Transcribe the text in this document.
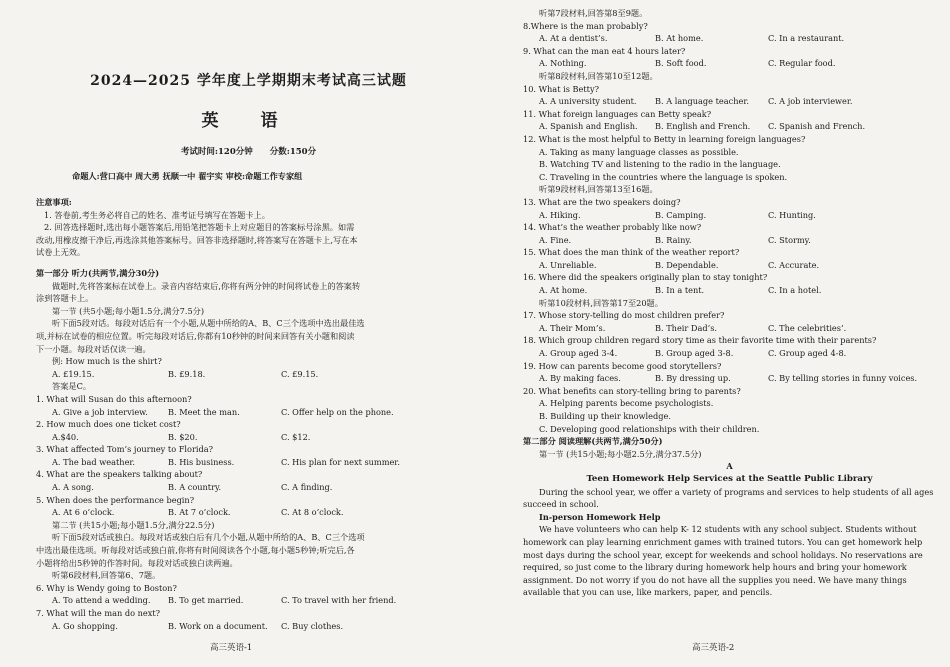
2024—2025 学年度上学期期末考试高三试题
英 语
考试时间:120分钟 分数:150分
命题人:营口高中 周大勇 抚顺一中 翟宇实 审校:命题工作专家组
注意事项:
1. 答卷前,考生务必将自己的姓名、准考证号填写在答题卡上。
2. 回答选择题时,选出每小题答案后,用铅笔把答题卡上对应题目的答案标号涂黑。如需
改动,用橡皮擦干净后,再选涂其他答案标号。回答非选择题时,将答案写在答题卡上,写在本
试卷上无效。
第一部分 听力(共两节,满分30分)
做题时,先将答案标在试卷上。录音内容结束后,你将有两分钟的时间将试卷上的答案转
涂到答题卡上。
第一节 (共5小题;每小题1.5分,满分7.5分)
听下面5段对话。每段对话后有一个小题,从题中所给的A、B、C三个选项中选出最佳选
项,并标在试卷的相应位置。听完每段对话后,你都有10秒钟的时间来回答有关小题和阅读
下一小题。每段对话仅读一遍。
例: How much is the shirt?
A. £19.15.	B. £9.18.	C. £9.15.
答案是C。
1. What will Susan do this afternoon?
A. Give a job interview.	B. Meet the man.	C. Offer help on the phone.
2. How much does one ticket cost?
A.$40.	B. $20.	C. $12.
3. What affected Tom’s journey to Florida?
A. The bad weather.	B. His business.	C. His plan for next summer.
4. What are the speakers talking about?
A. A song.	B. A country.	C. A finding.
5. When does the performance begin?
A. At 6 o’clock.	B. At 7 o’clock.	C. At 8 o’clock.
第二节 (共15小题;每小题1.5分,满分22.5分)
听下面5段对话或独白。每段对话或独白后有几个小题,从题中所给的A、B、C三个选项
中选出最佳选项。听每段对话或独白前,你将有时间阅读各个小题,每小题5秒钟;听完后,各
小题将给出5秒钟的作答时间。每段对话或独白读两遍。
听第6段材料,回答第6、7题。
6. Why is Wendy going to Boston?
A. To attend a wedding.	B. To get married.	C. To travel with her friend.
7. What will the man do next?
A. Go shopping.	B. Work on a document.	C. Buy clothes.
高三英语-1
听第7段材料,回答第8至9题。
8.Where is the man probably?
A. At a dentist’s.	B. At home.	C. In a restaurant.
9. What can the man eat 4 hours later?
A. Nothing.	B. Soft food.	C. Regular food.
听第8段材料,回答第10至12题。
10. What is Betty?
A. A university student.	B. A language teacher.	C. A job interviewer.
11. What foreign languages can Betty speak?
A. Spanish and English.	B. English and French.	C. Spanish and French.
12. What is the most helpful to Betty in learning foreign languages?
A. Taking as many language classes as possible.
B. Watching TV and listening to the radio in the language.
C. Traveling in the countries where the language is spoken.
听第9段材料,回答第13至16题。
13. What are the two speakers doing?
A. Hiking.	B. Camping.	C. Hunting.
14. What’s the weather probably like now?
A. Fine.	B. Rainy.	C. Stormy.
15. What does the man think of the weather report?
A. Unreliable.	B. Dependable.	C. Accurate.
16. Where did the speakers originally plan to stay tonight?
A. At home.	B. In a tent.	C. In a hotel.
听第10段材料,回答第17至20题。
17. Whose story-telling do most children prefer?
A. Their Mom’s.	B. Their Dad’s.	C. The celebrities’.
18. Which group children regard story time as their favorite time with their parents?
A. Group aged 3-4.	B. Group aged 3-8.	C. Group aged 4-8.
19. How can parents become good storytellers?
A. By making faces.	B. By dressing up.	C. By telling stories in funny voices.
20. What benefits can story-telling bring to parents?
A. Helping parents become psychologists.
B. Building up their knowledge.
C. Developing good relationships with their children.
第二部分 阅读理解(共两节,满分50分)
第一节 (共15小题;每小题2.5分,满分37.5分)
A
Teen Homework Help Services at the Seattle Public Library
During the school year, we offer a variety of programs and services to help students of all ages succeed in school.
In-person Homework Help
We have volunteers who can help K- 12 students with any school subject. Students without homework can play learning enrichment games with trained tutors. You can get homework help most days during the school year, except for weekends and school holidays. No reservations are required, so just come to the library during homework help hours and bring your homework assignment. Do not worry if you do not have all the supplies you need. We have many things available that you can use, like markers, paper, and pencils.
高三英语-2
